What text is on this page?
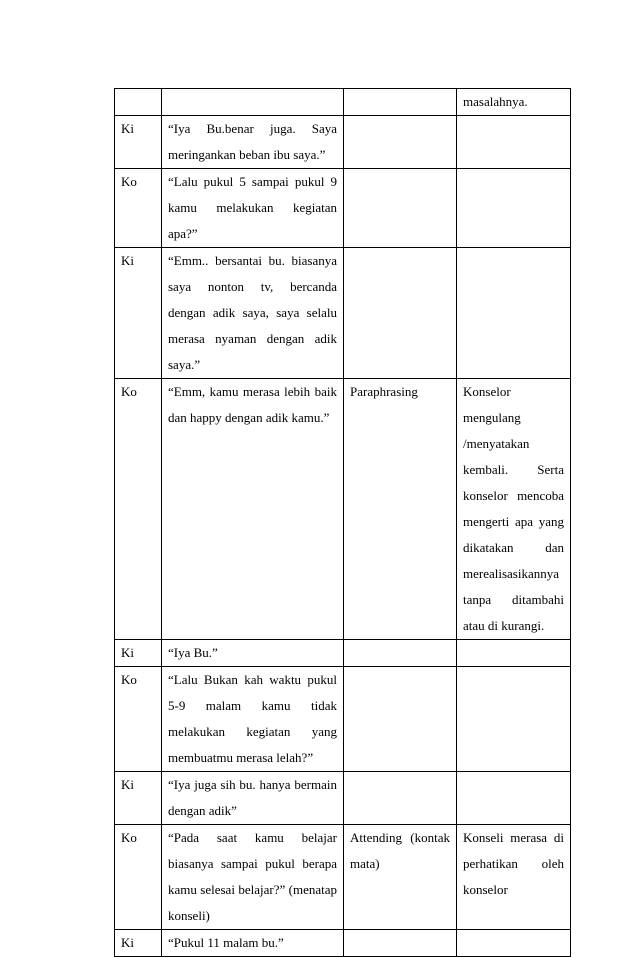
			masalahnya.
Ki	“Iya Bu.benar juga. Saya meringankan beban ibu saya.”		
Ko	“Lalu pukul 5 sampai pukul 9 kamu melakukan kegiatan apa?”		
Ki	“Emm.. bersantai bu. biasanya saya nonton tv, bercanda dengan adik saya, saya selalu merasa nyaman dengan adik saya.”		
Ko	“Emm, kamu merasa lebih baik dan happy dengan adik kamu.”	Paraphrasing	Konselor mengulang /menyatakan kembali. Serta konselor mencoba mengerti apa yang dikatakan dan merealisasikannya tanpa ditambahi atau di kurangi.
Ki	“Iya Bu.”		
Ko	“Lalu Bukan kah waktu pukul 5-9 malam kamu tidak melakukan kegiatan yang membuatmu merasa lelah?”		
Ki	“Iya juga sih bu. hanya bermain dengan adik”		
Ko	“Pada saat kamu belajar biasanya sampai pukul berapa kamu selesai belajar?” (menatap konseli)	Attending (kontak mata)	Konseli merasa di perhatikan oleh konselor
Ki	“Pukul 11 malam bu.”		
